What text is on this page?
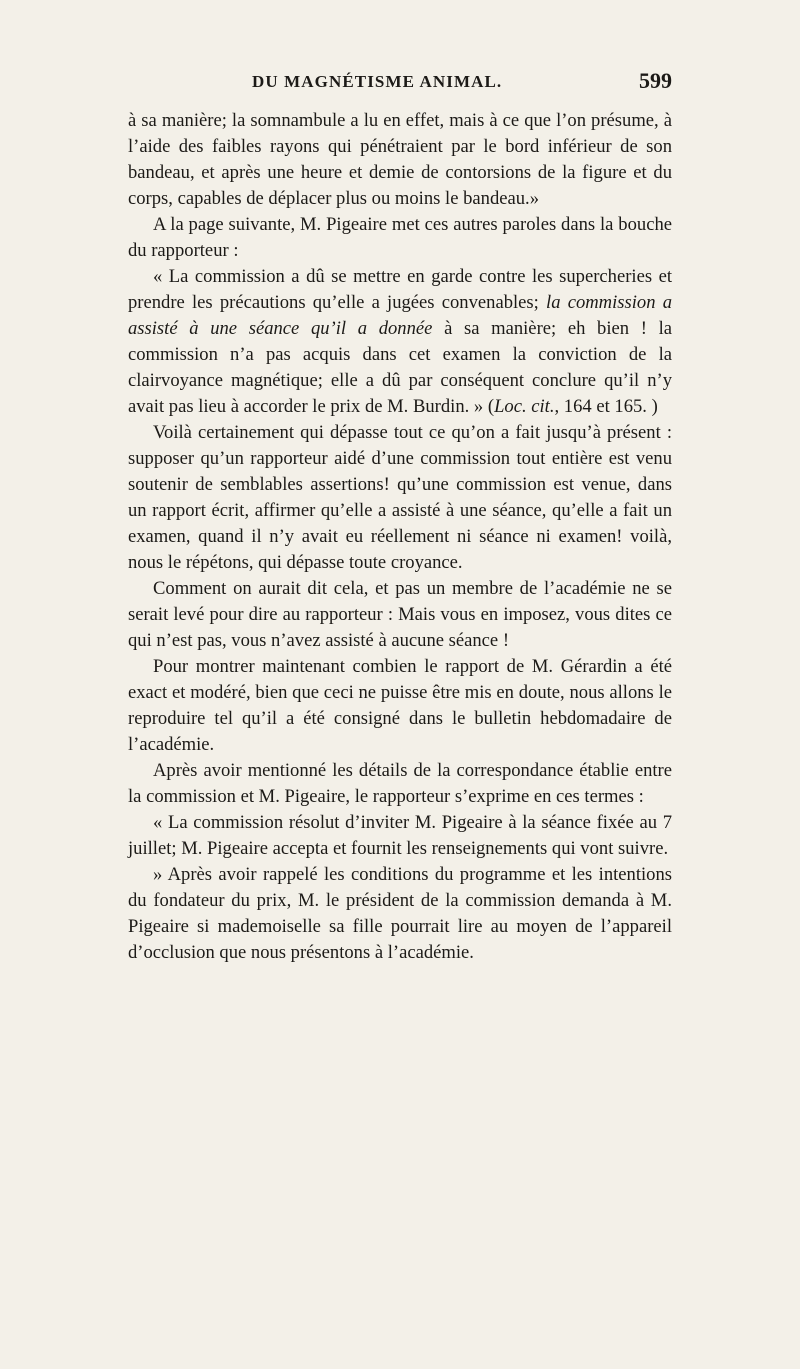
DU MAGNÉTISME ANIMAL.	599

à sa manière; la somnambule a lu en effet, mais à ce que l’on présume, à l’aide des faibles rayons qui pénétraient par le bord inférieur de son bandeau, et après une heure et demie de contorsions de la figure et du corps, capables de déplacer plus ou moins le bandeau.»

A la page suivante, M. Pigeaire met ces autres paroles dans la bouche du rapporteur :

« La commission a dû se mettre en garde contre les supercheries et prendre les précautions qu’elle a jugées convenables; la commission a assisté à une séance qu’il a donnée à sa manière; eh bien ! la commission n’a pas acquis dans cet examen la conviction de la clairvoyance magnétique; elle a dû par conséquent conclure qu’il n’y avait pas lieu à accorder le prix de M. Burdin. » (Loc. cit., 164 et 165. )

Voilà certainement qui dépasse tout ce qu’on a fait jusqu’à présent : supposer qu’un rapporteur aidé d’une commission tout entière est venu soutenir de semblables assertions! qu’une commission est venue, dans un rapport écrit, affirmer qu’elle a assisté à une séance, qu’elle a fait un examen, quand il n’y avait eu réellement ni séance ni examen! voilà, nous le répétons, qui dépasse toute croyance.

Comment on aurait dit cela, et pas un membre de l’académie ne se serait levé pour dire au rapporteur : Mais vous en imposez, vous dites ce qui n’est pas, vous n’avez assisté à aucune séance !

Pour montrer maintenant combien le rapport de M. Gérardin a été exact et modéré, bien que ceci ne puisse être mis en doute, nous allons le reproduire tel qu’il a été consigné dans le bulletin hebdomadaire de l’académie.

Après avoir mentionné les détails de la correspondance établie entre la commission et M. Pigeaire, le rapporteur s’exprime en ces termes :

« La commission résolut d’inviter M. Pigeaire à la séance fixée au 7 juillet; M. Pigeaire accepta et fournit les renseignements qui vont suivre.

» Après avoir rappelé les conditions du programme et les intentions du fondateur du prix, M. le président de la commission demanda à M. Pigeaire si mademoiselle sa fille pourrait lire au moyen de l’appareil d’occlusion que nous présentons à l’académie.
